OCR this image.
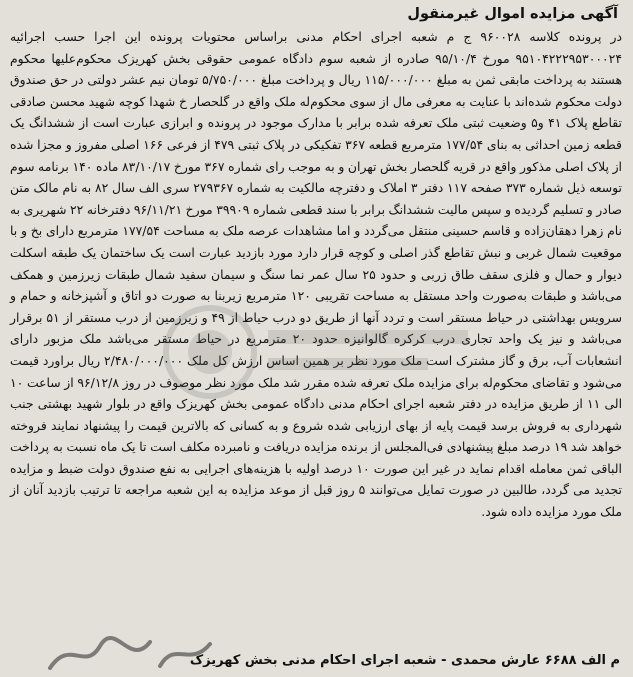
آگهی مزایده اموال غیرمنقول
در پرونده کلاسه ۹۶۰۰۲۸ ج م شعبه اجرای احکام مدنی براساس محتویات پرونده این اجرا حسب اجرائیه ۹۵۱۰۴۲۲۲۹۵۳۰۰۰۲۴ مورخ ۹۵/۱۰/۴ صادره از شعبه سوم دادگاه عمومی حقوقی بخش کهریزک محکوم‌علیها محکوم هستند به پرداخت مابقی ثمن به مبلغ ۱۱۵/۰۰۰/۰۰۰ ریال و پرداخت مبلغ ۵/۷۵۰/۰۰۰ تومان نیم عشر دولتی در حق صندوق دولت محکوم شده‌اند با عنایت به معرفی مال از سوی محکوم‌له ملک واقع در گلحصار خ شهدا کوچه شهید محسن صادقی تقاطع پلاک ۴۱ و۵ وضعیت ثبتی ملک تعرفه شده برابر با مدارک موجود در پرونده و ابرازی عبارت است از ششدانگ یک قطعه زمین احداثی به بنای ۱۷۷/۵۴ مترمربع قطعه ۳۶۷ تفکیکی در پلاک ثبتی ۴۷۹ از فرعی ۱۶۶ اصلی مفروز و مجزا شده از پلاک اصلی مذکور واقع در قریه گلحصار بخش تهران و به موجب رای شماره ۳۶۷ مورخ ۸۳/۱۰/۱۷ ماده ۱۴۰ برنامه سوم توسعه ذیل شماره ۳۷۳ صفحه ۱۱۷ دفتر ۳ املاک و دفترچه مالکیت به شماره ۲۷۹۳۶۷ سری الف سال ۸۲ به نام مالک متن صادر و تسلیم گردیده و سپس مالیت ششدانگ برابر با سند قطعی شماره ۳۹۹۰۹ مورخ ۹۶/۱۱/۲۱ دفترخانه ۲۲ شهریری به نام زهرا دهقان‌زاده و قاسم حسینی منتقل می‌گردد و اما مشاهدات عرصه ملک به مساحت ۱۷۷/۵۴ مترمربع دارای بخ و با موقعیت شمال غربی و نبش تقاطع گذر اصلی و کوچه قرار دارد مورد بازدید عبارت است یک ساختمان یک طبقه اسکلت دیوار و حمال و فلزی سقف طاق زربی و حدود ۲۵ سال عمر نما سنگ و سیمان سفید شمال طبقات زیرزمین و همکف می‌باشد و طبقات به‌صورت واحد مستقل به مساحت تقریبی ۱۲۰ مترمربع زیربنا به صورت دو اتاق و آشپزخانه و حمام و سرویس بهداشتی در حیاط مستقر است و تردد آنها از طریق دو درب حیاط از ۴۹ و زیرزمین از درب مستقر از ۵۱ برقرار می‌باشد و نیز یک واحد تجاری درب کرکره گالوانیزه حدود ۲۰ مترمربع در حیاط مستقر می‌باشد ملک مزبور دارای انشعابات آب، برق و گاز مشترک است ملک مورد نظر بر همین اساس ارزش کل ملک ۲/۴۸۰/۰۰۰/۰۰۰ ریال براورد قیمت می‌شود و تقاضای محکوم‌له برای مزایده ملک تعرفه شده مقرر شد ملک مورد نظر موصوف در روز ۹۶/۱۲/۸ از ساعت ۱۰ الی ۱۱ از طریق مزایده در دفتر شعبه اجرای احکام مدنی دادگاه عمومی بخش کهریزک واقع در بلوار شهید بهشتی جنب شهرداری به فروش برسد قیمت پایه از بهای ارزیابی شده شروع و به کسانی که بالاترین قیمت را پیشنهاد نمایند فروخته خواهد شد ۱۹ درصد مبلغ پیشنهادی فی‌المجلس از برنده مزایده دریافت و نامبرده مکلف است تا یک ماه نسبت به پرداخت الباقی ثمن معامله اقدام نماید در غیر این صورت ۱۰ درصد اولیه با هزینه‌های اجرایی به نفع صندوق دولت ضبط و مزایده تجدید می گردد، طالبین در صورت تمایل می‌توانند ۵ روز قبل از موعد مزایده به این شعبه مراجعه تا ترتیب بازدید آنان از ملک مورد مزایده داده شود.
م الف ۶۶۸۸ عارش محمدی - شعبه اجرای احکام مدنی بخش کهریزک
